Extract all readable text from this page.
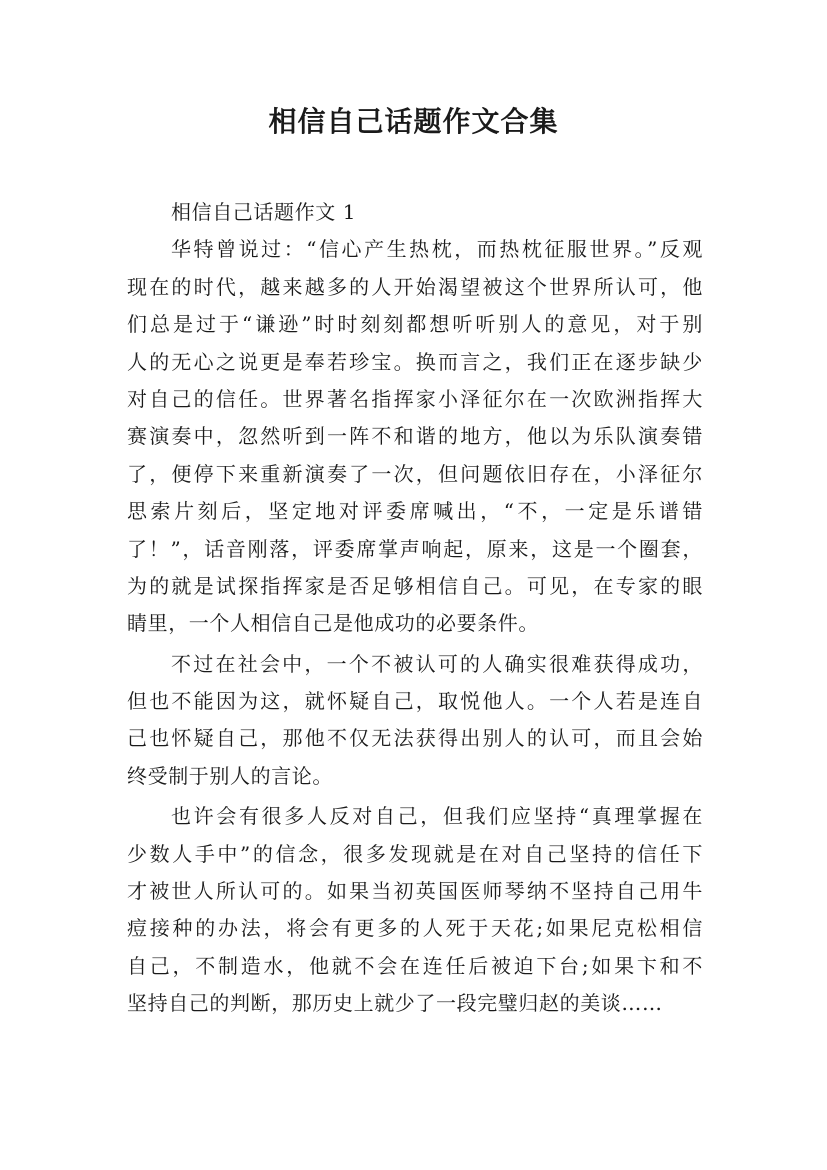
相信自己话题作文合集
相信自己话题作文 1
华特曾说过：“信心产生热枕，而热枕征服世界。”反观
现在的时代，越来越多的人开始渴望被这个世界所认可，他
们总是过于“谦逊”时时刻刻都想听听别人的意见，对于别
人的无心之说更是奉若珍宝。换而言之，我们正在逐步缺少
对自己的信任。世界著名指挥家小泽征尔在一次欧洲指挥大
赛演奏中，忽然听到一阵不和谐的地方，他以为乐队演奏错
了，便停下来重新演奏了一次，但问题依旧存在，小泽征尔
思索片刻后，坚定地对评委席喊出，“不，一定是乐谱错
了！”，话音刚落，评委席掌声响起，原来，这是一个圈套，
为的就是试探指挥家是否足够相信自己。可见，在专家的眼
睛里，一个人相信自己是他成功的必要条件。
不过在社会中，一个不被认可的人确实很难获得成功，
但也不能因为这，就怀疑自己，取悦他人。一个人若是连自
己也怀疑自己，那他不仅无法获得出别人的认可，而且会始
终受制于别人的言论。
也许会有很多人反对自己，但我们应坚持“真理掌握在
少数人手中”的信念，很多发现就是在对自己坚持的信任下
才被世人所认可的。如果当初英国医师琴纳不坚持自己用牛
痘接种的办法，将会有更多的人死于天花;如果尼克松相信
自己，不制造水，他就不会在连任后被迫下台;如果卞和不
坚持自己的判断，那历史上就少了一段完璧归赵的美谈……
